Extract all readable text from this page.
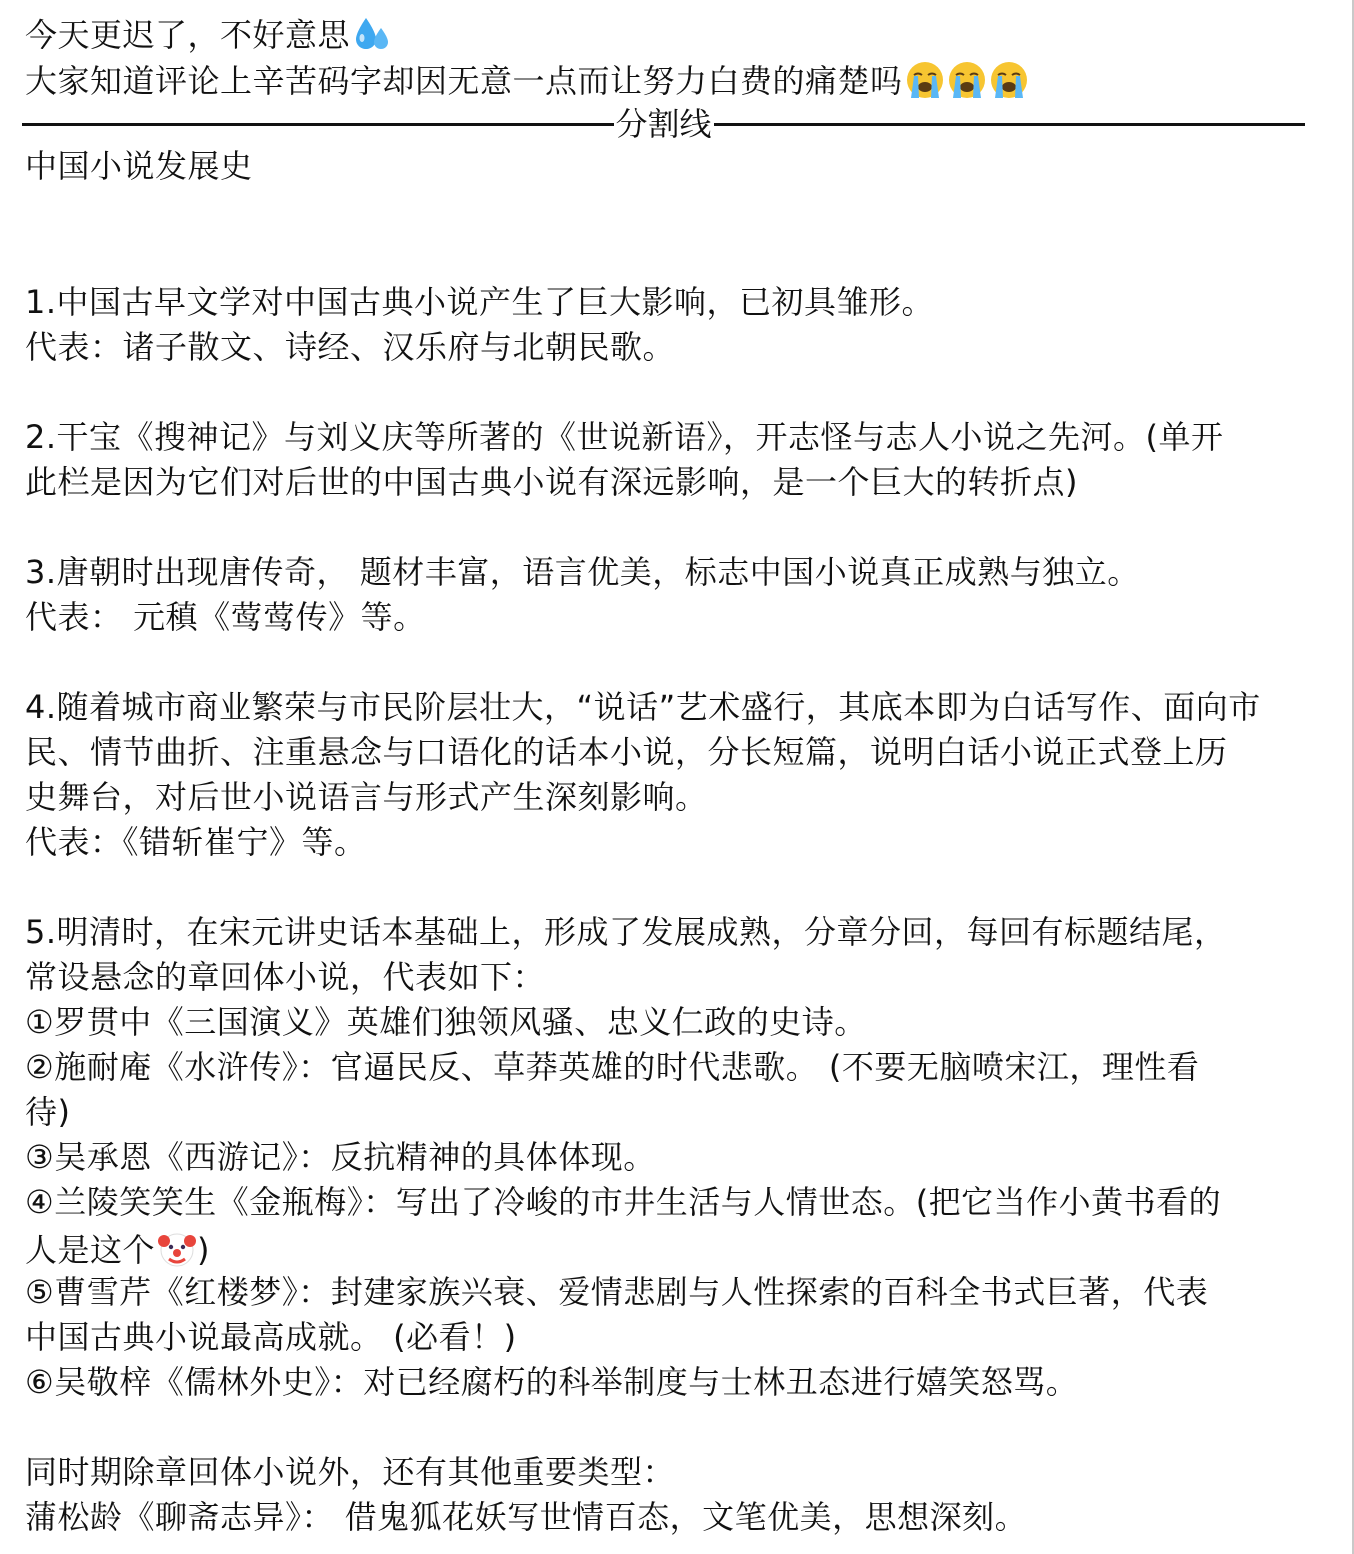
今天更迟了，不好意思
大家知道评论上辛苦码字却因无意一点而让努力白费的痛楚吗
分割线
中国小说发展史
1.中国古早文学对中国古典小说产生了巨大影响，已初具雏形。
代表：诸子散文、诗经、汉乐府与北朝民歌。
2.干宝《搜神记》与刘义庆等所著的《世说新语》，开志怪与志人小说之先河。(单开
此栏是因为它们对后世的中国古典小说有深远影响，是一个巨大的转折点)
3.唐朝时出现唐传奇， 题材丰富，语言优美，标志中国小说真正成熟与独立。
代表： 元稹《莺莺传》等。
4.随着城市商业繁荣与市民阶层壮大，“说话”艺术盛行，其底本即为白话写作、面向市
民、情节曲折、注重悬念与口语化的话本小说，分长短篇，说明白话小说正式登上历
史舞台，对后世小说语言与形式产生深刻影响。
代表：《错斩崔宁》等。
5.明清时，在宋元讲史话本基础上，形成了发展成熟，分章分回，每回有标题结尾，
常设悬念的章回体小说，代表如下：
①罗贯中《三国演义》英雄们独领风骚、忠义仁政的史诗。
②施耐庵《水浒传》：官逼民反、草莽英雄的时代悲歌。 (不要无脑喷宋江，理性看
待)
③吴承恩《西游记》：反抗精神的具体体现。
④兰陵笑笑生《金瓶梅》：写出了冷峻的市井生活与人情世态。(把它当作小黄书看的
人是这个 )
⑤曹雪芹《红楼梦》：封建家族兴衰、爱情悲剧与人性探索的百科全书式巨著，代表
中国古典小说最高成就。 (必看！)
⑥吴敬梓《儒林外史》：对已经腐朽的科举制度与士林丑态进行嬉笑怒骂。
同时期除章回体小说外，还有其他重要类型：
蒲松龄《聊斋志异》： 借鬼狐花妖写世情百态，文笔优美，思想深刻。
